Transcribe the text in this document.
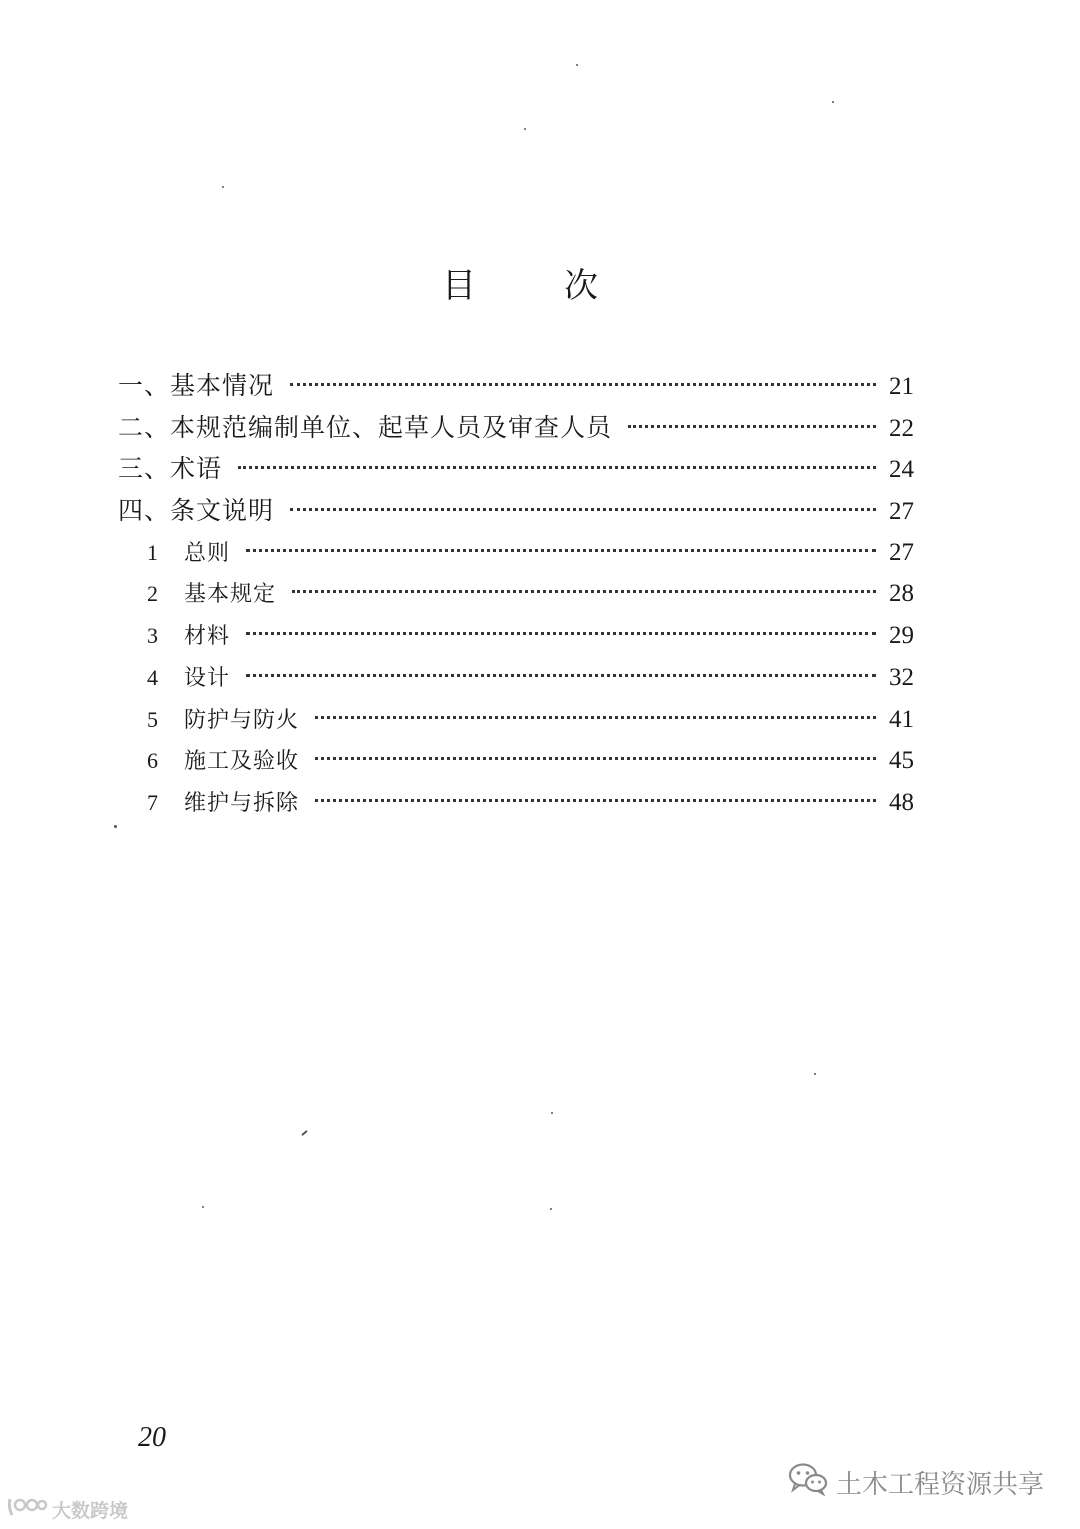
目	次
一、基本情况	21
二、本规范编制单位、起草人员及审查人员	22
三、术语	24
四、条文说明	27
1	总则	27
2	基本规定	28
3	材料	29
4	设计	32
5	防护与防火	41
6	施工及验收	45
7	维护与拆除	48
20
大数跨境
土木工程资源共享
